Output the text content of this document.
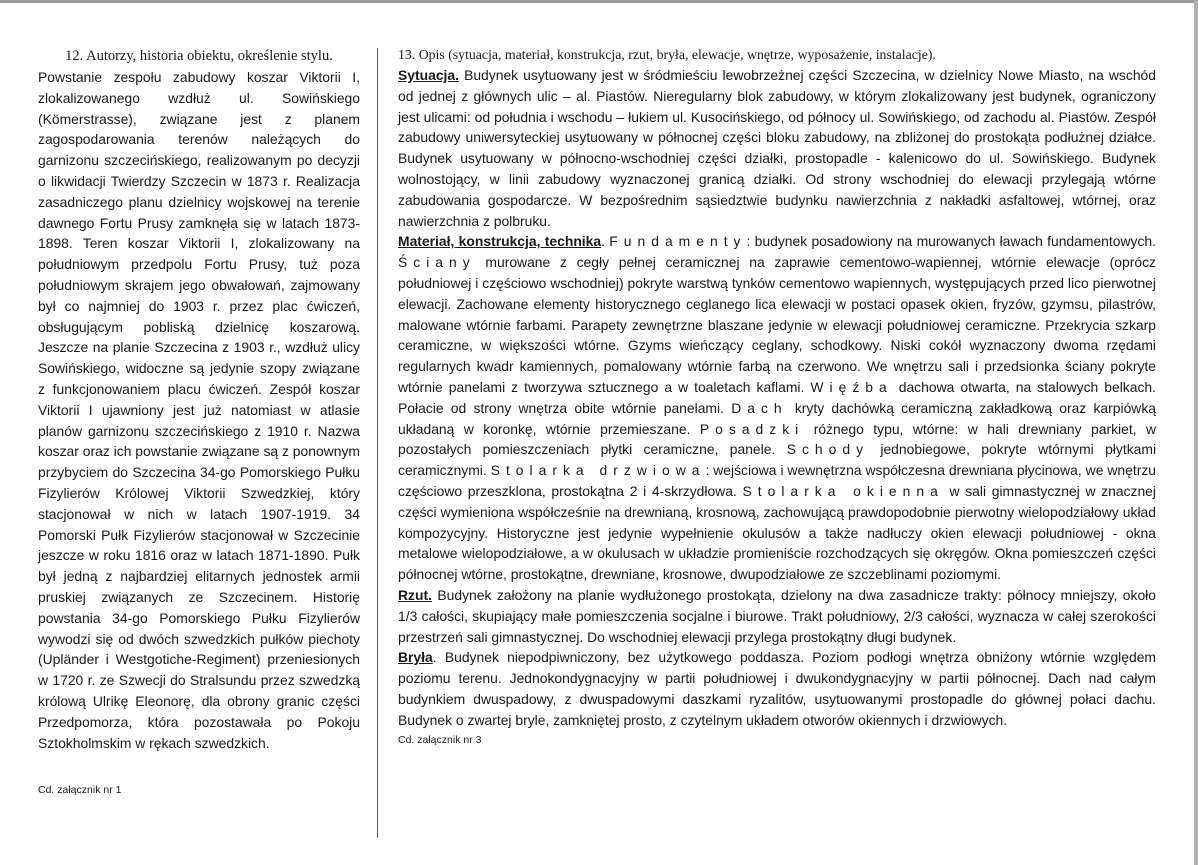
12. Autorzy, historia obiektu, określenie stylu.

Powstanie zespołu zabudowy koszar Viktorii I, zlokalizowanego wzdłuż ul. Sowińskiego (Kömerstrasse), związane jest z planem zagospodarowania terenów należących do garnizonu szczecińskiego, realizowanym po decyzji o likwidacji Twierdzy Szczecin w 1873 r. Realizacja zasadniczego planu dzielnicy wojskowej na terenie dawnego Fortu Prusy zamknęła się w latach 1873-1898. Teren koszar Viktorii I, zlokalizowany na południowym przedpolu Fortu Prusy, tuż poza południowym skrajem jego obwałowań, zajmowany był co najmniej do 1903 r. przez plac ćwiczeń, obsługującym pobliską dzielnicę koszarową. Jeszcze na planie Szczecina z 1903 r., wzdłuż ulicy Sowińskiego, widoczne są jedynie szopy związane z funkcjonowaniem placu ćwiczeń. Zespół koszar Viktorii I ujawniony jest już natomiast w atlasie planów garnizonu szczecińskiego z 1910 r. Nazwa koszar oraz ich powstanie związane są z ponownym przybyciem do Szczecina 34-go Pomorskiego Pułku Fizylierów Królowej Viktorii Szwedzkiej, który stacjonował w nich w latach 1907-1919. 34 Pomorski Pułk Fizylierów stacjonował w Szczecinie jeszcze w roku 1816 oraz w latach 1871-1890. Pułk był jedną z najbardziej elitarnych jednostek armii pruskiej związanych ze Szczecinem. Historię powstania 34-go Pomorskiego Pułku Fizylierów wywodzi się od dwóch szwedzkich pułków piechoty (Upländer i Westgotiche-Regiment) przeniesionych w 1720 r. ze Szwecji do Stralsundu przez szwedzką królową Ulrikę Eleonorę, dla obrony granic części Przedpomorza, która pozostawała po Pokoju Sztokholmskim w rękach szwedzkich.

Cd. załącznik nr 1
13. Opis (sytuacja, materiał, konstrukcja, rzut, bryła, elewacje, wnętrze, wyposażenie, instalacje).

Sytuacja. Budynek usytuowany jest w śródmieściu lewobrzeżnej części Szczecina, w dzielnicy Nowe Miasto, na wschód od jednej z głównych ulic – al. Piastów. Nieregularny blok zabudowy, w którym zlokalizowany jest budynek, ograniczony jest ulicami: od południa i wschodu – łukiem ul. Kusocińskiego, od północy ul. Sowińskiego, od zachodu al. Piastów. Zespół zabudowy uniwersyteckiej usytuowany w północnej części bloku zabudowy, na zbliżonej do prostokąta podłużnej działce. Budynek usytuowany w północno-wschodniej części działki, prostopadle - kalenicowo do ul. Sowińskiego. Budynek wolnostojący, w linii zabudowy wyznaczonej granicą działki. Od strony wschodniej do elewacji przylegają wtórne zabudowania gospodarcze. W bezpośrednim sąsiedztwie budynku nawierzchnia z nakładki asfaltowej, wtórnej, oraz nawierzchnia z polbruku.

Materiał, konstrukcja, technika. Fundamenty: budynek posadowiony na murowanych ławach fundamentowych. Ściany murowane z cegły pełnej ceramicznej na zaprawie cementowo-wapiennej, wtórnie elewacje (oprócz południowej i częściowo wschodniej) pokryte warstwą tynków cementowo wapiennych, występujących przed lico pierwotnej elewacji. Zachowane elementy historycznego ceglanego lica elewacji w postaci opasek okien, fryzów, gzymsu, pilastrów, malowane wtórnie farbami. Parapety zewnętrzne blaszane jedynie w elewacji południowej ceramiczne. Przekrycia szkarp ceramiczne, w większości wtórne. Gzyms wieńczący ceglany, schodkowy. Niski cokół wyznaczony dwoma rzędami regularnych kwadr kamiennych, pomalowany wtórnie farbą na czerwono. We wnętrzu sali i przedsionka ściany pokryte wtórnie panelami z tworzywa sztucznego a w toaletach kaflami. Więźba dachowa otwarta, na stalowych belkach. Połacie od strony wnętrza obite wtórnie panelami. Dach kryty dachówką ceramiczną zakładkową oraz karpiówką układaną w koronkę, wtórnie przemieszane. Posadzki różnego typu, wtórne: w hali drewniany parkiet, w pozostałych pomieszczeniach płytki ceramiczne, panele. Schody jednobiegowe, pokryte wtórnymi płytkami ceramicznymi. Stolarka drzwiowa: wejściowa i wewnętrzna współczesna drewniana płycinowa, we wnętrzu częściowo przeszklona, prostokątna 2 i 4-skrzydłowa. Stolarka okienna w sali gimnastycznej w znacznej części wymieniona współcześnie na drewnianą, krosnową, zachowującą prawdopodobnie pierwotny wielopodziałowy układ kompozycyjny. Historyczne jest jedynie wypełnienie okulusów a także nadłuczy okien elewacji południowej - okna metalowe wielopodziałowe, a w okulusach w układzie promieniście rozchodzących się okręgów. Okna pomieszczeń części północnej wtórne, prostokątne, drewniane, krosnowe, dwupodziałowe ze szczeblinami poziomymi.

Rzut. Budynek założony na planie wydłużonego prostokąta, dzielony na dwa zasadnicze trakty: północy mniejszy, około 1/3 całości, skupiający małe pomieszczenia socjalne i biurowe. Trakt południowy, 2/3 całości, wyznacza w całej szerokości przestrzeń sali gimnastycznej. Do wschodniej elewacji przylega prostokątny długi budynek.

Bryła. Budynek niepodpiwniczony, bez użytkowego poddasza. Poziom podłogi wnętrza obniżony wtórnie względem poziomu terenu. Jednokondygnacyjny w partii południowej i dwukondygnacyjny w partii północnej. Dach nad całym budynkiem dwuspadowy, z dwuspadowymi daszkami ryzalitów, usytuowanymi prostopadle do głównej połaci dachu. Budynek o zwartej bryle, zamkniętej prosto, z czytelnym układem otworów okiennych i drzwiowych.

Cd. załącznik nr 3
